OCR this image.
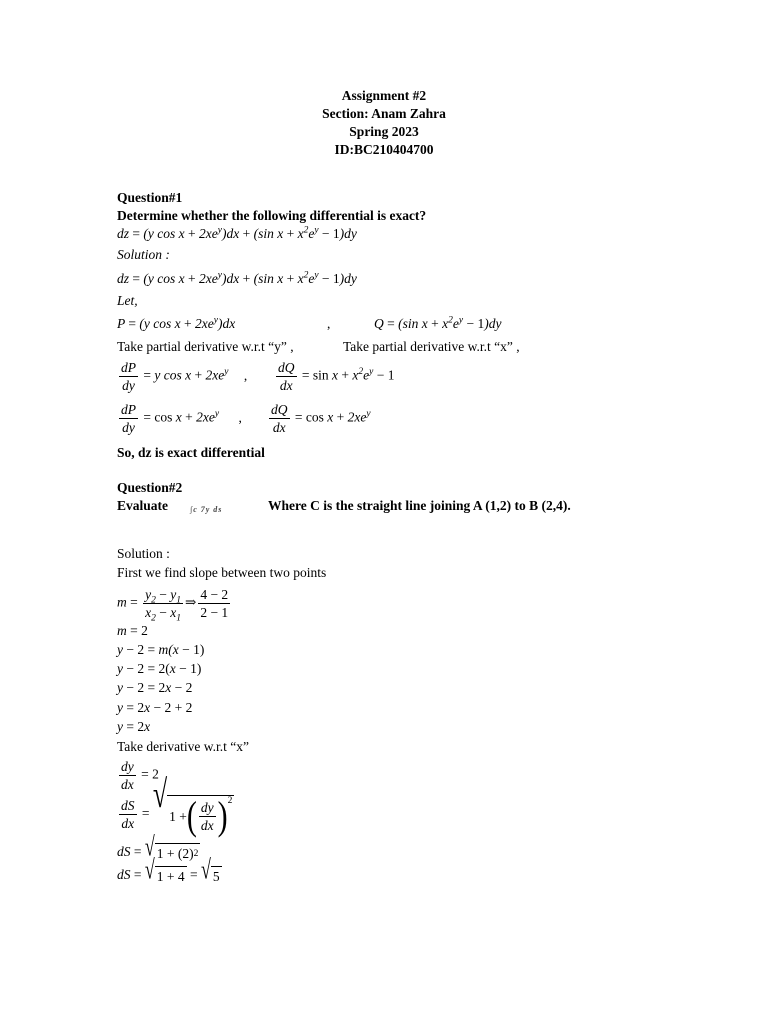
Assignment #2
Section: Anam Zahra
Spring 2023
ID:BC210404700
Question#1
Determine whether the following differential is exact?
dz = (y $\cos x + 2xe^y)dx + (\sin$ $x + x^2e^y - 1)dy$
Solution :
dz = (y $\cos x + 2xe^y)dx + (\sin$ $x + x^2e^y - 1)dy$
Let,
P = (y $\cos x + 2xe^y)dx$	,	Q = (sin $x + x^2e^y - 1)dy$
Take partial derivative w.r.t “y” ,	Take partial derivative w.r.t “x” ,
$\frac{dP}{dy} = y$ $\cos x + 2xe^y$ , $\frac{dQ}{dx} = \sin x + x^2e^y - 1$
$\frac{dP}{dy} = \cos x + 2xe^y$ , $\frac{dQ}{dx} = \cos x + 2xe^y$
So, dz is exact differential
Question#2
Evaluate	∫c 7y ds	Where C is the straight line joining A (1,2) to B (2,4).
Solution :
First we find slope between two points
$m = \frac{y_2 - y_1}{x_2 - x_1}$ ⇒ $\frac{4 - 2}{2 - 1}$
m = 2
y − 2 = m(x − 1)
y − 2 = 2(x − 1)
y − 2 = 2x − 2
y = 2x − 2 + 2
y = 2x
Take derivative w.r.t “x”
$\frac{dy}{dx} = 2$
$\frac{dS}{dx}$ = √ 1 + ( $\frac{dy}{dx}$ ) 2
dS = √ 1 + (2) 2
dS = √ 1 + 4 = √ 5
